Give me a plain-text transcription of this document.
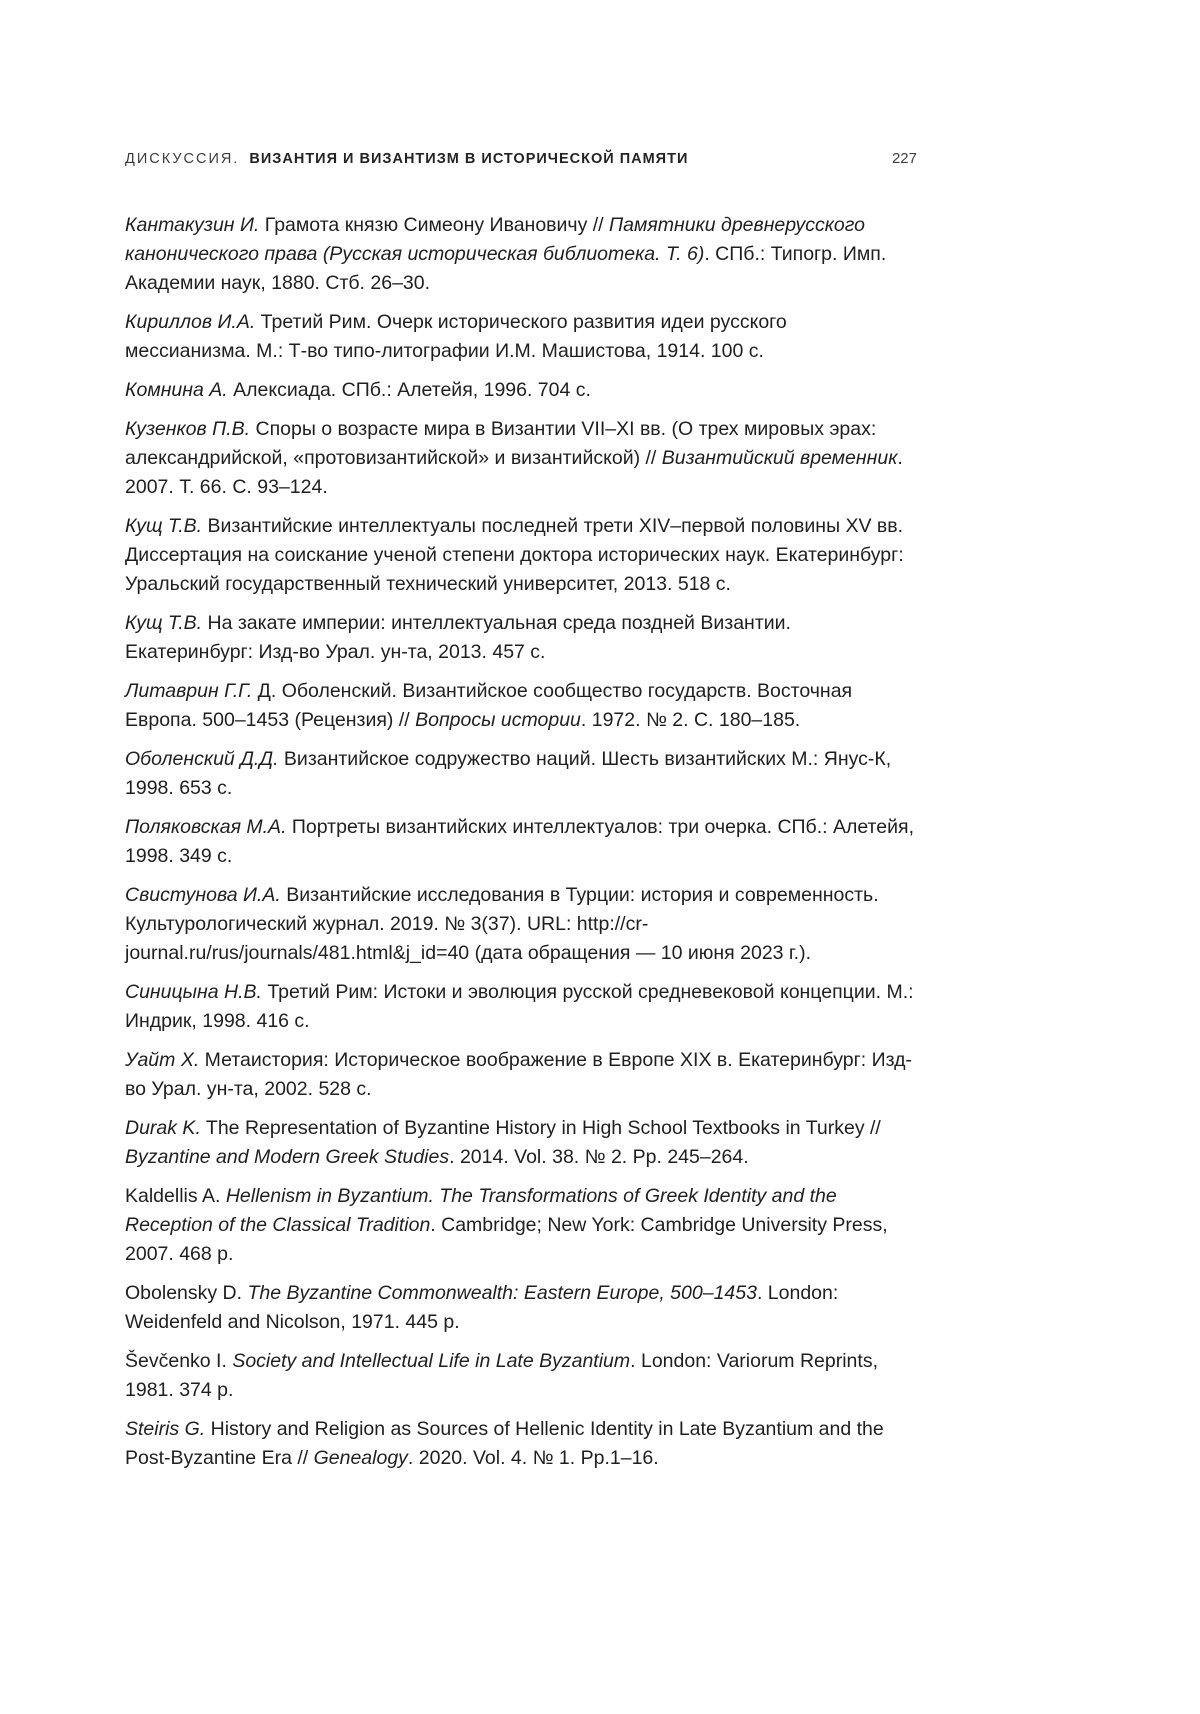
ДИСКУССИЯ. ВИЗАНТИЯ И ВИЗАНТИЗМ В ИСТОРИЧЕСКОЙ ПАМЯТИ	227

Кантакузин И. Грамота князю Симеону Ивановичу // Памятники древнерусского канонического права (Русская историческая библиотека. Т. 6). СПб.: Типогр. Имп. Академии наук, 1880. Стб. 26–30.

Кириллов И.А. Третий Рим. Очерк исторического развития идеи русского мессианизма. М.: Т-во типо-литографии И.М. Машистова, 1914. 100 с.

Комнина А. Алексиада. СПб.: Алетейя, 1996. 704 с.

Кузенков П.В. Споры о возрасте мира в Византии VII–XI вв. (О трех мировых эрах: александрийской, «протовизантийской» и византийской) // Византийский временник. 2007. Т. 66. С. 93–124.

Кущ Т.В. Византийские интеллектуалы последней трети XIV–первой половины XV вв. Диссертация на соискание ученой степени доктора исторических наук. Екатеринбург: Уральский государственный технический университет, 2013. 518 с.

Кущ Т.В. На закате империи: интеллектуальная среда поздней Византии. Екатеринбург: Изд-во Урал. ун-та, 2013. 457 с.

Литаврин Г.Г. Д. Оболенский. Византийское сообщество государств. Восточная Европа. 500–1453 (Рецензия) // Вопросы истории. 1972. № 2. С. 180–185.

Оболенский Д.Д. Византийское содружество наций. Шесть византийских М.: Янус-К, 1998. 653 с.

Поляковская М.А. Портреты византийских интеллектуалов: три очерка. СПб.: Алетейя, 1998. 349 с.

Свистунова И.А. Византийские исследования в Турции: история и современность. Культурологический журнал. 2019. № 3(37). URL: http://cr-journal.ru/rus/journals/481.html&j_id=40 (дата обращения — 10 июня 2023 г.).

Синицына Н.В. Третий Рим: Истоки и эволюция русской средневековой концепции. М.: Индрик, 1998. 416 с.

Уайт Х. Метаистория: Историческое воображение в Европе XIX в. Екатеринбург: Изд-во Урал. ун-та, 2002. 528 с.

Durak K. The Representation of Byzantine History in High School Textbooks in Turkey // Byzantine and Modern Greek Studies. 2014. Vol. 38. № 2. Pp. 245–264.

Kaldellis A. Hellenism in Byzantium. The Transformations of Greek Identity and the Reception of the Classical Tradition. Cambridge; New York: Cambridge University Press, 2007. 468 p.

Obolensky D. The Byzantine Commonwealth: Eastern Europe, 500–1453. London: Weidenfeld and Nicolson, 1971. 445 p.

Ševčenko I. Society and Intellectual Life in Late Byzantium. London: Variorum Reprints, 1981. 374 p.

Steiris G. History and Religion as Sources of Hellenic Identity in Late Byzantium and the Post-Byzantine Era // Genealogy. 2020. Vol. 4. № 1. Pp.1–16.
